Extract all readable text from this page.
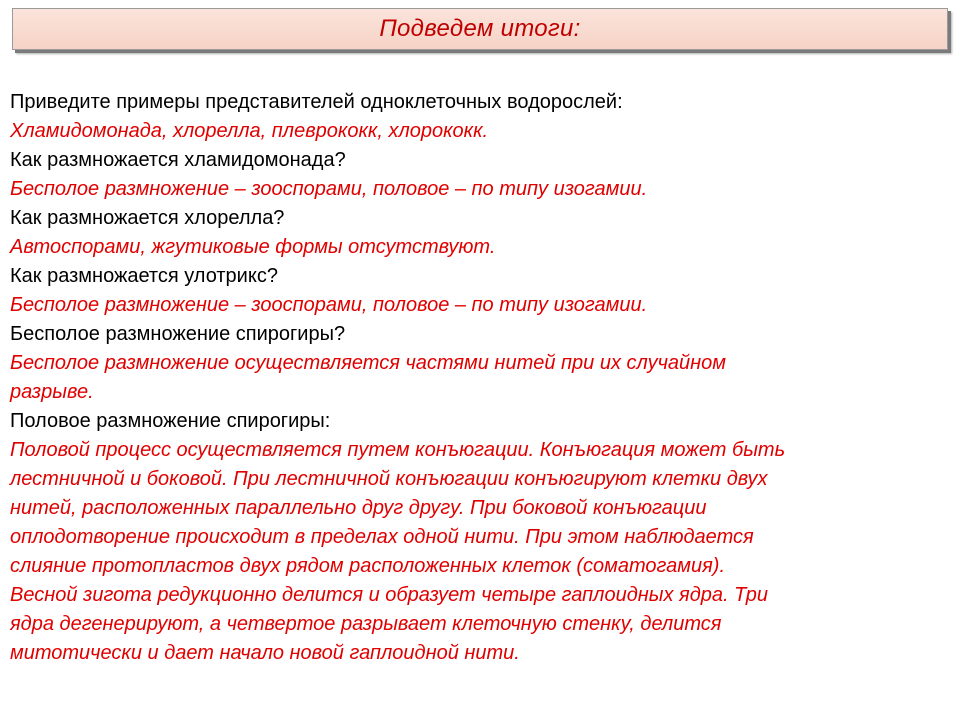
Подведем итоги:
Приведите примеры представителей одноклеточных водорослей:
Хламидомонада, хлорелла, плеврококк, хлорококк.
Как размножается хламидомонада?
Бесполое размножение – зооспорами, половое – по типу изогамии.
Как размножается хлорелла?
Автоспорами, жгутиковые формы отсутствуют.
Как размножается улотрикс?
Бесполое размножение – зооспорами, половое – по типу изогамии.
Бесполое размножение спирогиры?
Бесполое размножение осуществляется частями нитей при их случайном
разрыве.
Половое размножение спирогиры:
Половой процесс осуществляется путем конъюгации. Конъюгация может быть
лестничной и боковой. При лестничной конъюгации конъюгируют клетки двух
нитей, расположенных параллельно друг другу. При боковой конъюгации
оплодотворение происходит в пределах одной нити. При этом наблюдается
слияние протопластов двух рядом расположенных клеток (соматогамия).
Весной зигота редукционно делится и образует четыре гаплоидных ядра. Три
ядра дегенерируют, а четвертое разрывает клеточную стенку, делится
митотически и дает начало новой гаплоидной нити.
